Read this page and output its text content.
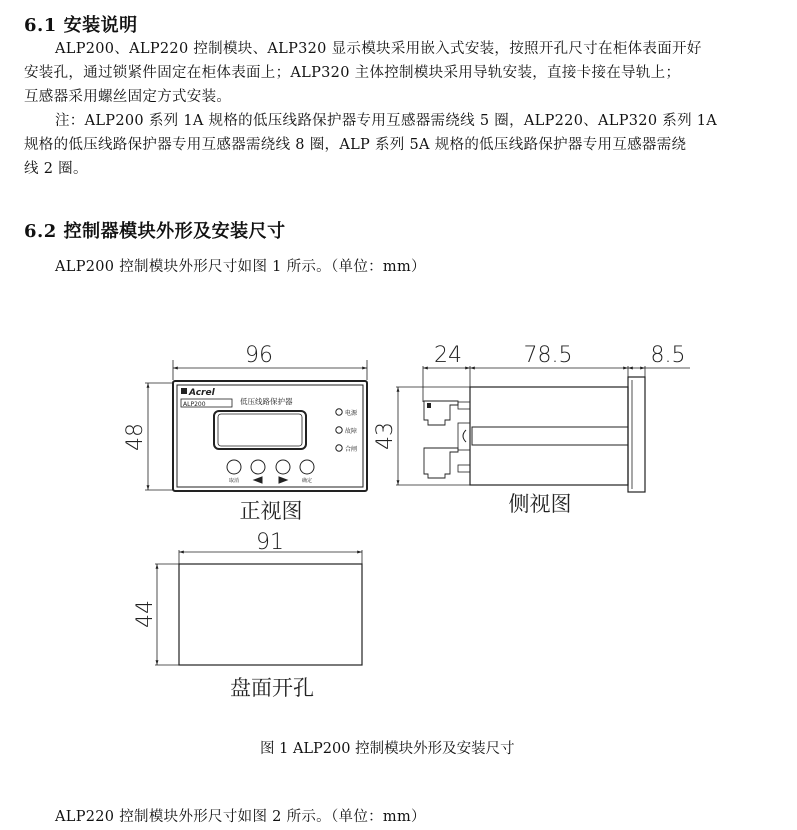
6.1 安装说明
ALP200、ALP220 控制模块、ALP320 显示模块采用嵌入式安装，按照开孔尺寸在柜体表面开好
安装孔，通过锁紧件固定在柜体表面上；ALP320 主体控制模块采用导轨安装，直接卡接在导轨上；
互感器采用螺丝固定方式安装。
注：ALP200 系列 1A 规格的低压线路保护器专用互感器需绕线 5 圈，ALP220、ALP320 系列 1A
规格的低压线路保护器专用互感器需绕线 8 圈，ALP 系列 5A 规格的低压线路保护器专用互感器需绕
线 2 圈。
6.2 控制器模块外形及安装尺寸
ALP200 控制模块外形尺寸如图 1 所示。（单位：mm）
96
48
Acrel
ALP200	低压线路保护器
电源
故障
合闸
取消	确定
正视图
24	78.5	8.5
43
侧视图
91
44
盘面开孔
图 1 ALP200 控制模块外形及安装尺寸
ALP220 控制模块外形尺寸如图 2 所示。（单位：mm）
